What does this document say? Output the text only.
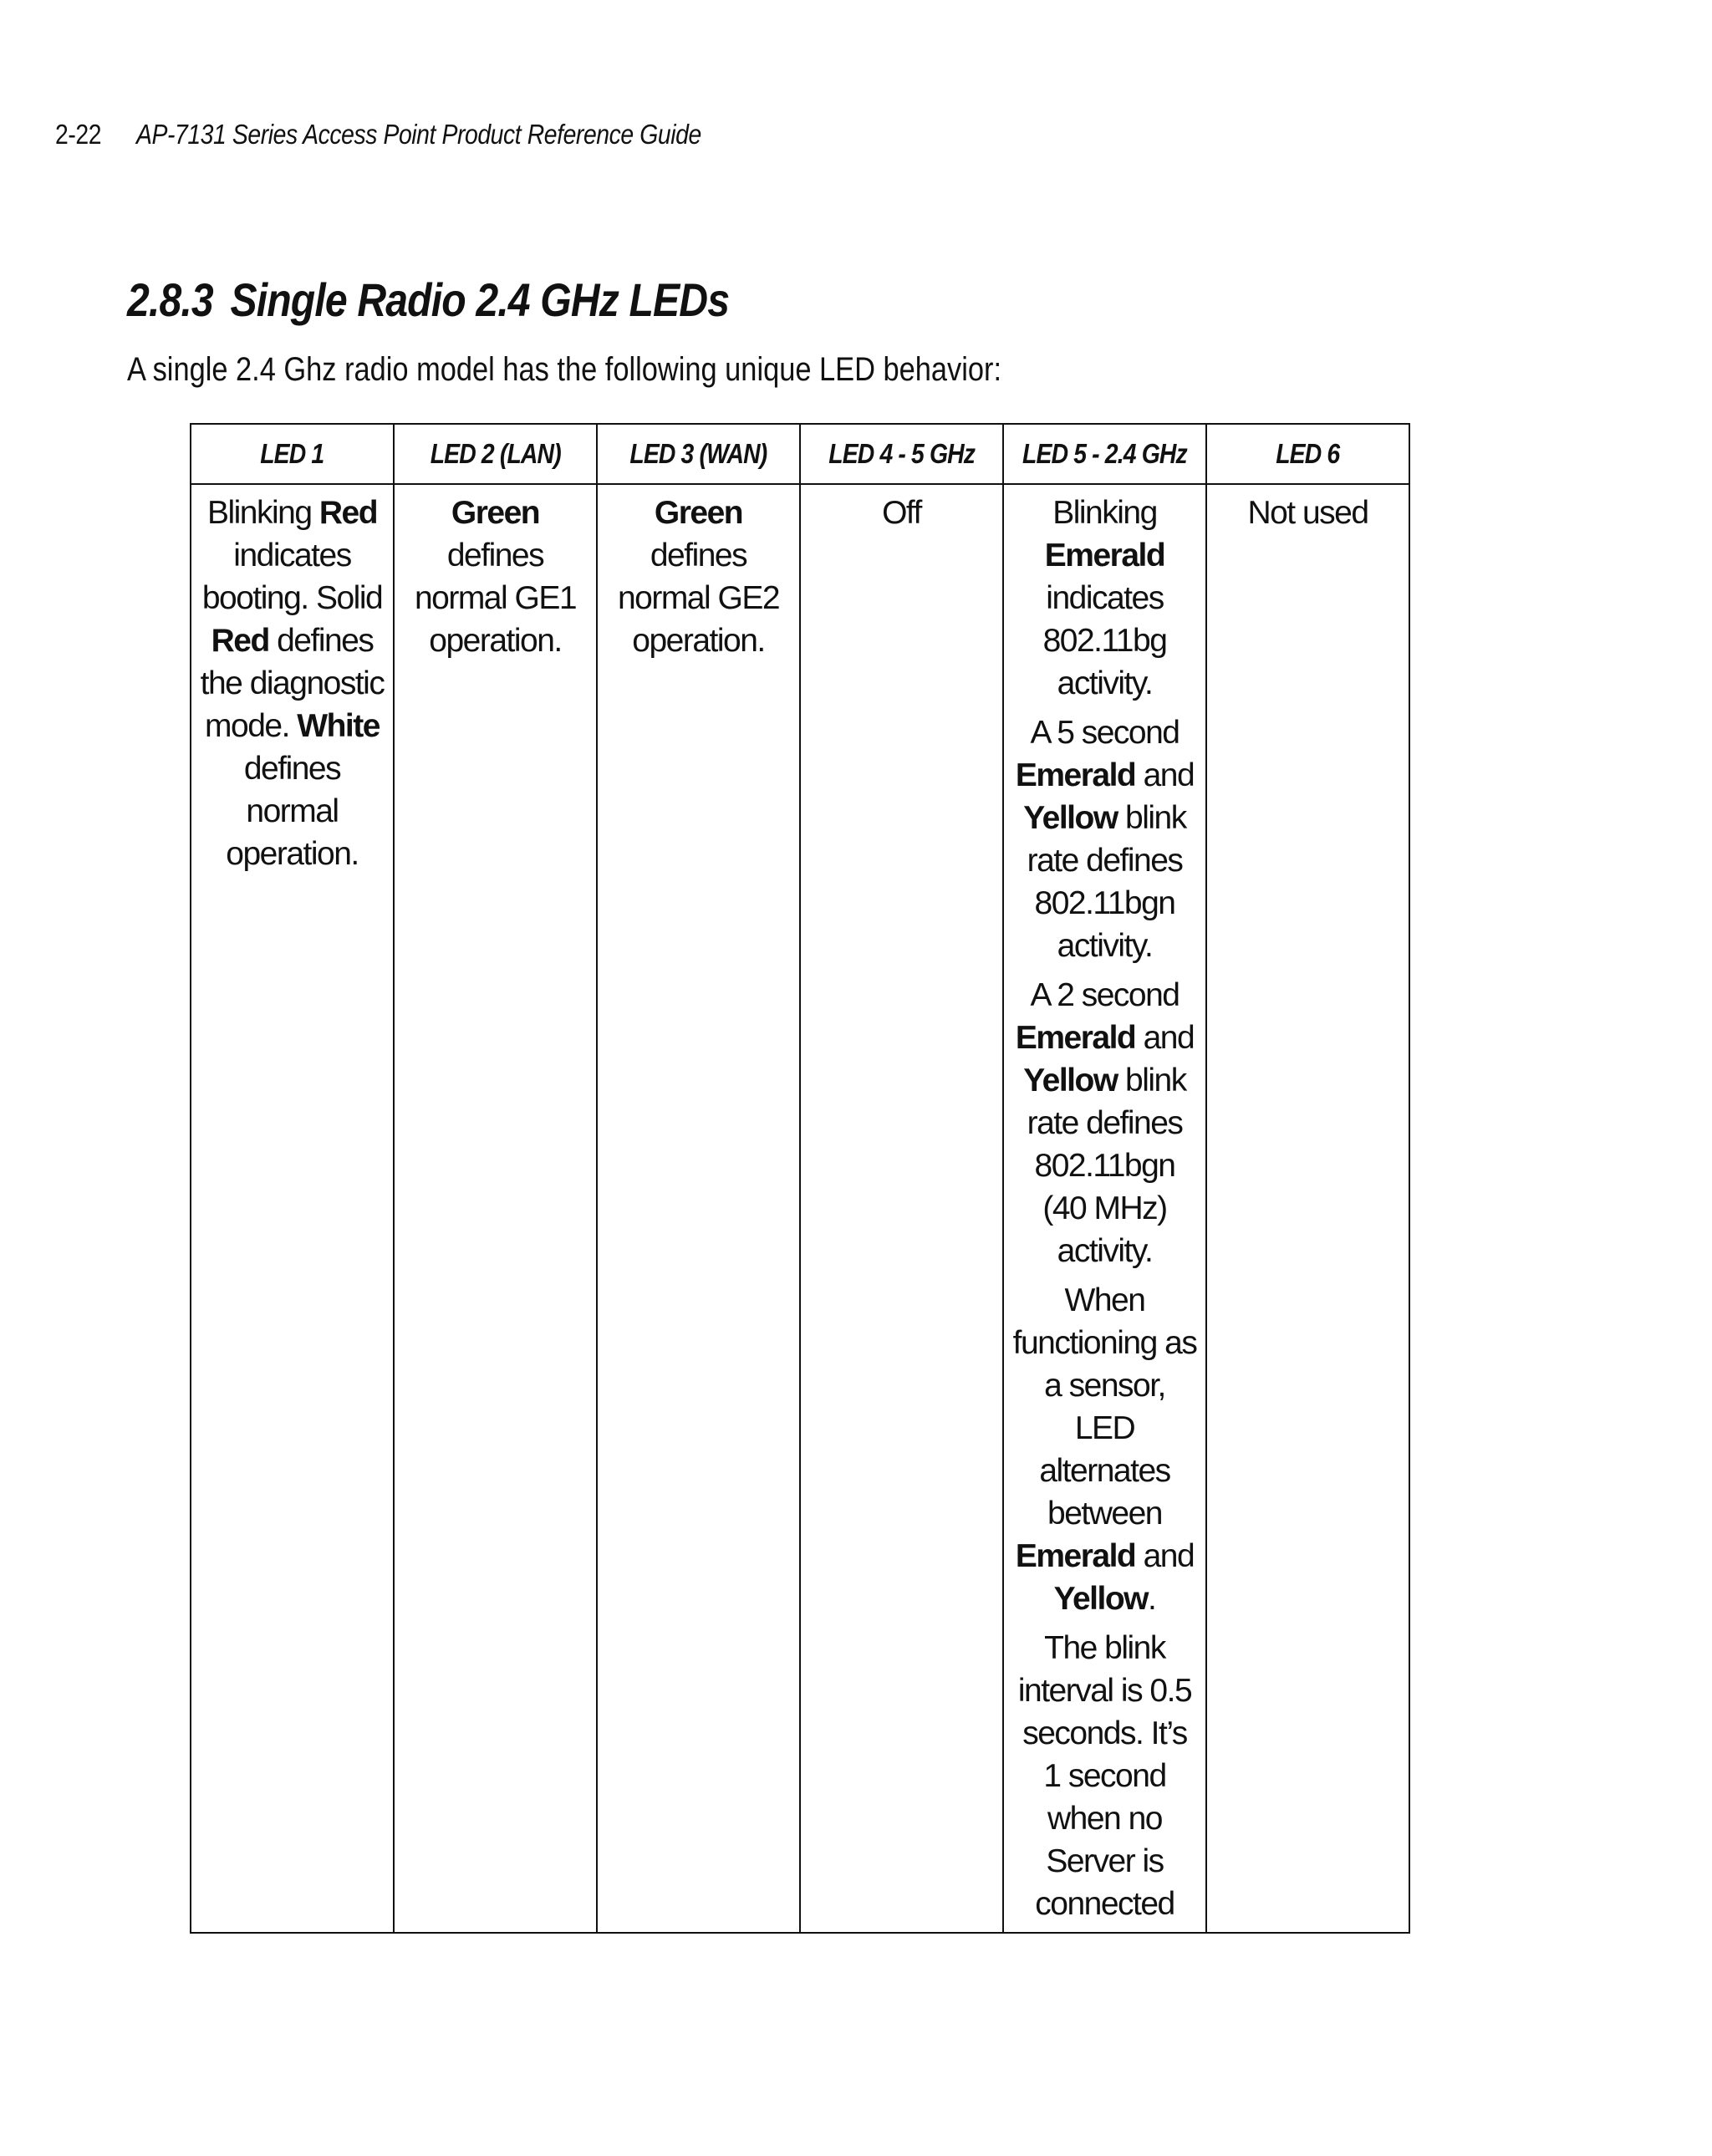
2-22 AP-7131 Series Access Point Product Reference Guide
2.8.3 Single Radio 2.4 GHz LEDs

A single 2.4 Ghz radio model has the following unique LED behavior:

LED 1	LED 2 (LAN)	LED 3 (WAN)	LED 4 - 5 GHz	LED 5 - 2.4 GHz	LED 6

Blinking Red indicates booting. Solid Red defines the diagnostic mode. White defines normal operation.	Green defines normal GE1 operation.	Green defines normal GE2 operation.	Off	Blinking Emerald indicates 802.11bg activity.

A 5 second Emerald and Yellow blink rate defines 802.11bgn activity.

A 2 second Emerald and Yellow blink rate defines 802.11bgn (40 MHz) activity.

When functioning as a sensor, LED alternates between Emerald and Yellow.

The blink interval is 0.5 seconds. It’s 1 second when no Server is connected	Not used
